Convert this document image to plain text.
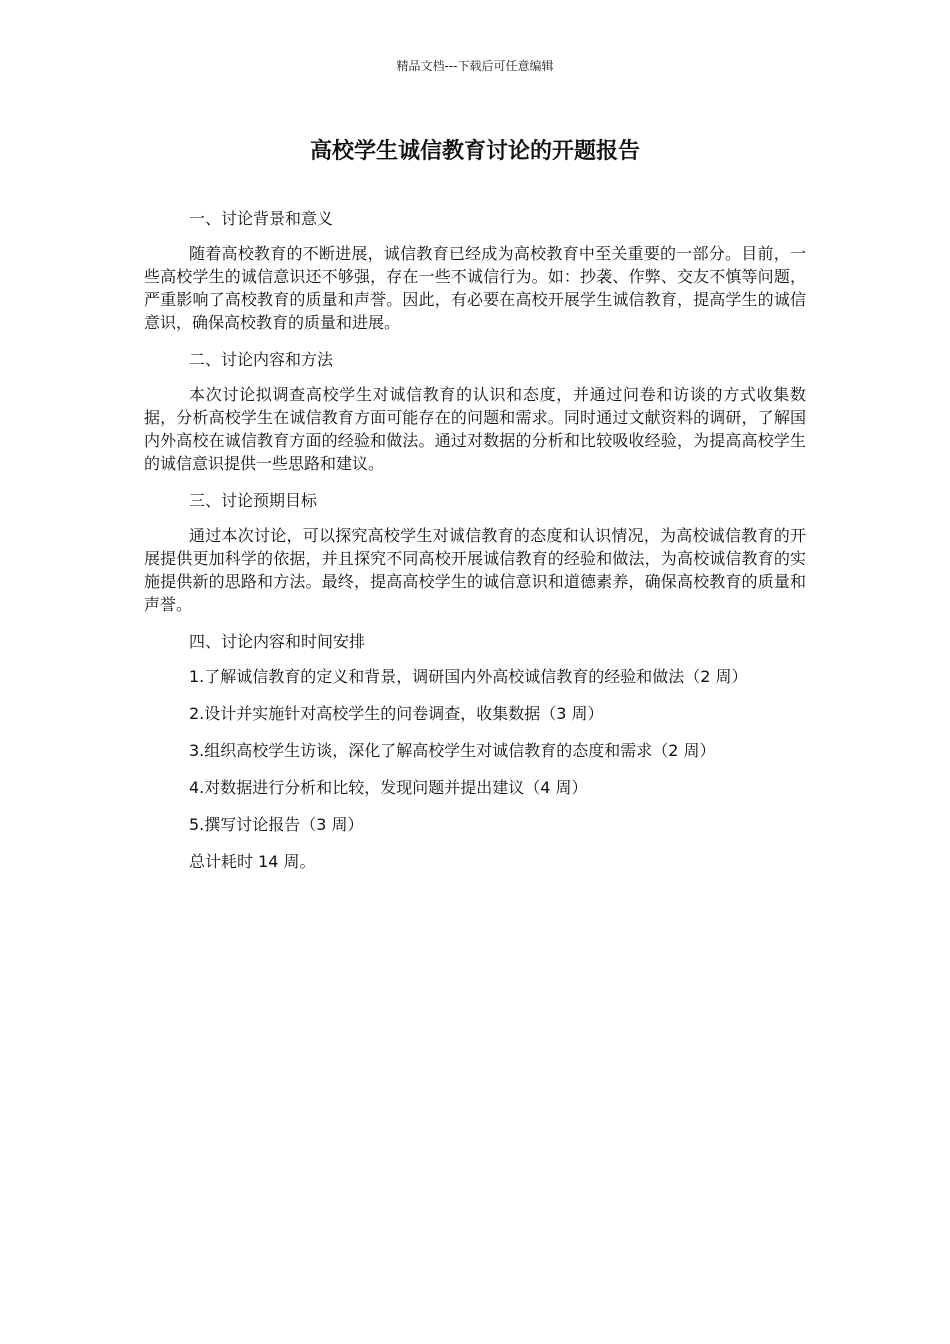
精品文档---下载后可任意编辑
高校学生诚信教育讨论的开题报告

一、讨论背景和意义

随着高校教育的不断进展，诚信教育已经成为高校教育中至关重要的一部分。目前，一些高校学生的诚信意识还不够强，存在一些不诚信行为。如：抄袭、作弊、交友不慎等问题，严重影响了高校教育的质量和声誉。因此，有必要在高校开展学生诚信教育，提高学生的诚信意识，确保高校教育的质量和进展。

二、讨论内容和方法

本次讨论拟调查高校学生对诚信教育的认识和态度，并通过问卷和访谈的方式收集数据，分析高校学生在诚信教育方面可能存在的问题和需求。同时通过文献资料的调研，了解国内外高校在诚信教育方面的经验和做法。通过对数据的分析和比较吸收经验，为提高高校学生的诚信意识提供一些思路和建议。

三、讨论预期目标

通过本次讨论，可以探究高校学生对诚信教育的态度和认识情况，为高校诚信教育的开展提供更加科学的依据，并且探究不同高校开展诚信教育的经验和做法，为高校诚信教育的实施提供新的思路和方法。最终，提高高校学生的诚信意识和道德素养，确保高校教育的质量和声誉。

四、讨论内容和时间安排

1.了解诚信教育的定义和背景，调研国内外高校诚信教育的经验和做法（2 周）

2.设计并实施针对高校学生的问卷调查，收集数据（3 周）

3.组织高校学生访谈，深化了解高校学生对诚信教育的态度和需求（2 周）

4.对数据进行分析和比较，发现问题并提出建议（4 周）

5.撰写讨论报告（3 周）

总计耗时 14 周。
